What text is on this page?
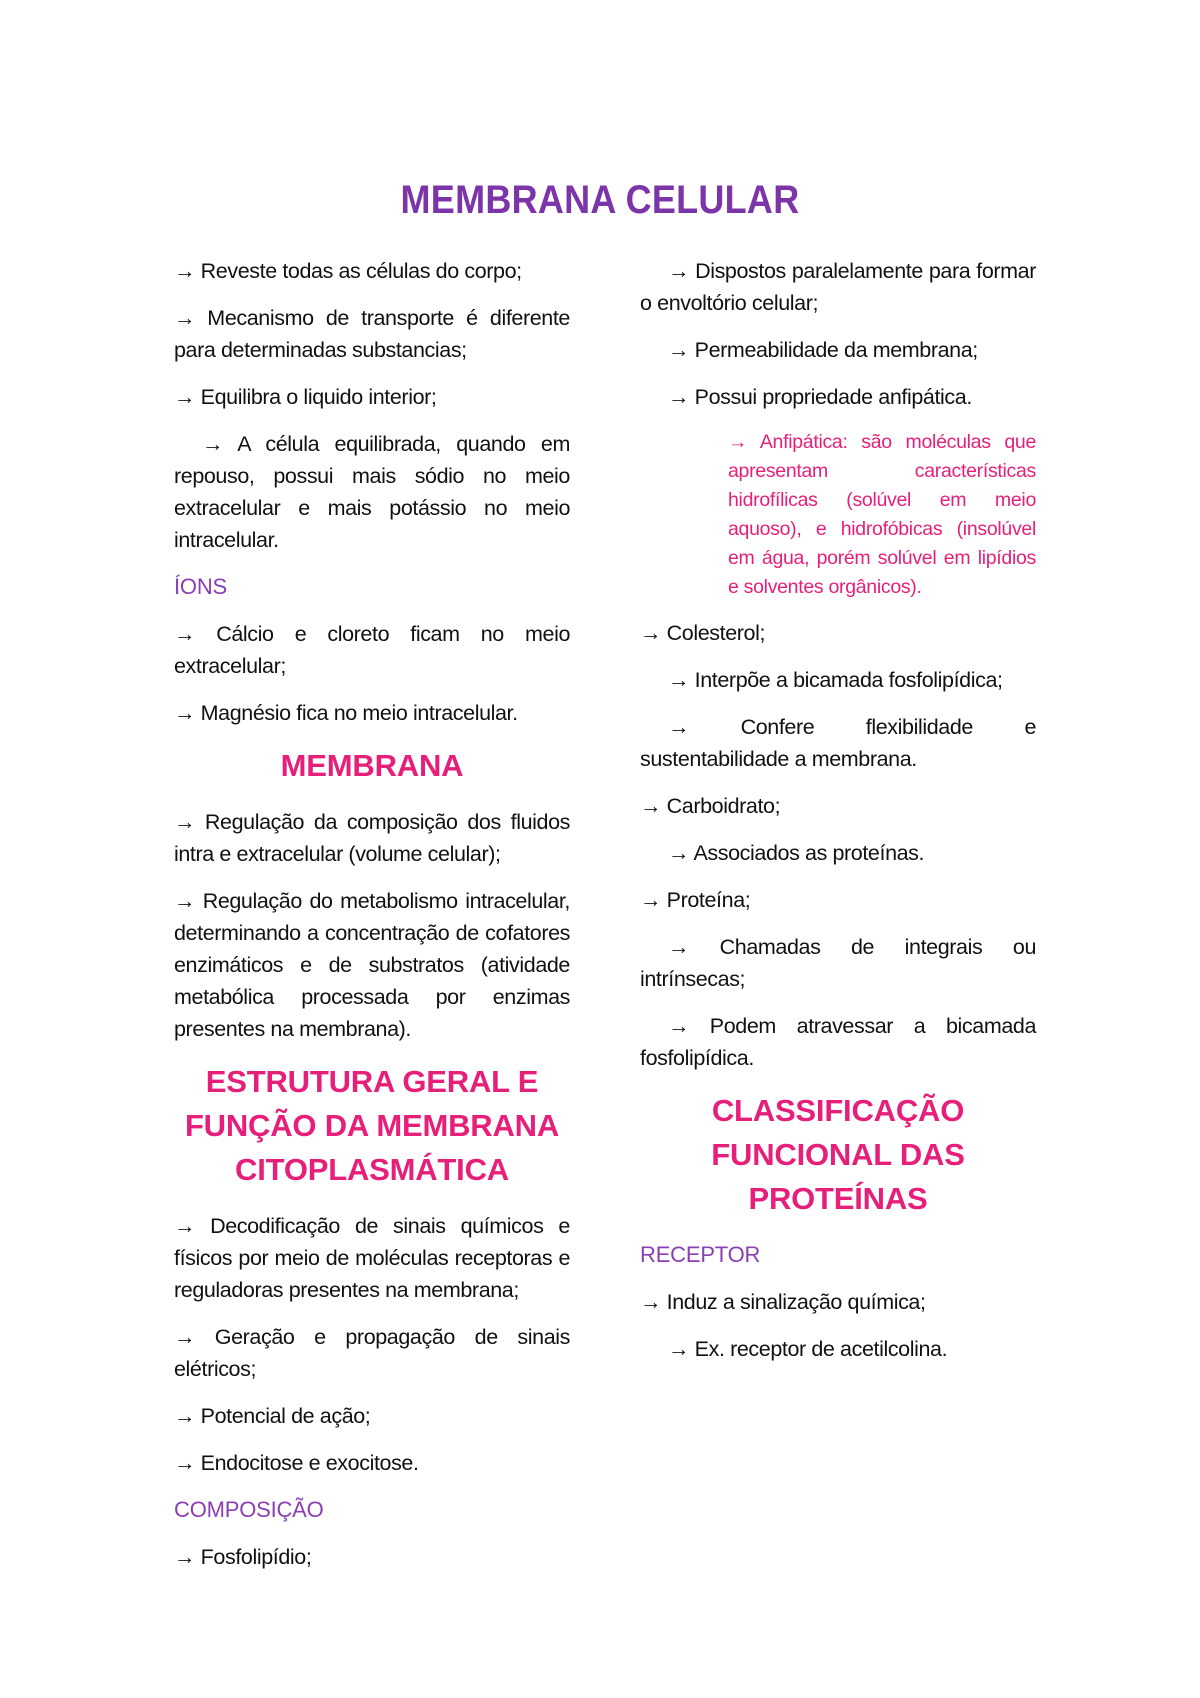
MEMBRANA CELULAR

→ Reveste todas as células do corpo;

→ Mecanismo de transporte é diferente para determinadas substancias;

→ Equilibra o liquido interior;

→ A célula equilibrada, quando em repouso, possui mais sódio no meio extracelular e mais potássio no meio intracelular.

ÍONS

→ Cálcio e cloreto ficam no meio extracelular;

→ Magnésio fica no meio intracelular.

MEMBRANA

→ Regulação da composição dos fluidos intra e extracelular (volume celular);

→ Regulação do metabolismo intracelular, determinando a concentração de cofatores enzimáticos e de substratos (atividade metabólica processada por enzimas presentes na membrana).

ESTRUTURA GERAL E FUNÇÃO DA MEMBRANA CITOPLASMÁTICA

→ Decodificação de sinais químicos e físicos por meio de moléculas receptoras e reguladoras presentes na membrana;

→ Geração e propagação de sinais elétricos;

→ Potencial de ação;

→ Endocitose e exocitose.

COMPOSIÇÃO

→ Fosfolipídio;

→ Dispostos paralelamente para formar o envoltório celular;

→ Permeabilidade da membrana;

→ Possui propriedade anfipática.

→ Anfipática: são moléculas que apresentam características hidrofílicas (solúvel em meio aquoso), e hidrofóbicas (insolúvel em água, porém solúvel em lipídios e solventes orgânicos).

→ Colesterol;

→ Interpõe a bicamada fosfolipídica;

→ Confere flexibilidade e sustentabilidade a membrana.

→ Carboidrato;

→ Associados as proteínas.

→ Proteína;

→ Chamadas de integrais ou intrínsecas;

→ Podem atravessar a bicamada fosfolipídica.

CLASSIFICAÇÃO FUNCIONAL DAS PROTEÍNAS
RECEPTOR

→ Induz a sinalização química;

→ Ex. receptor de acetilcolina.
